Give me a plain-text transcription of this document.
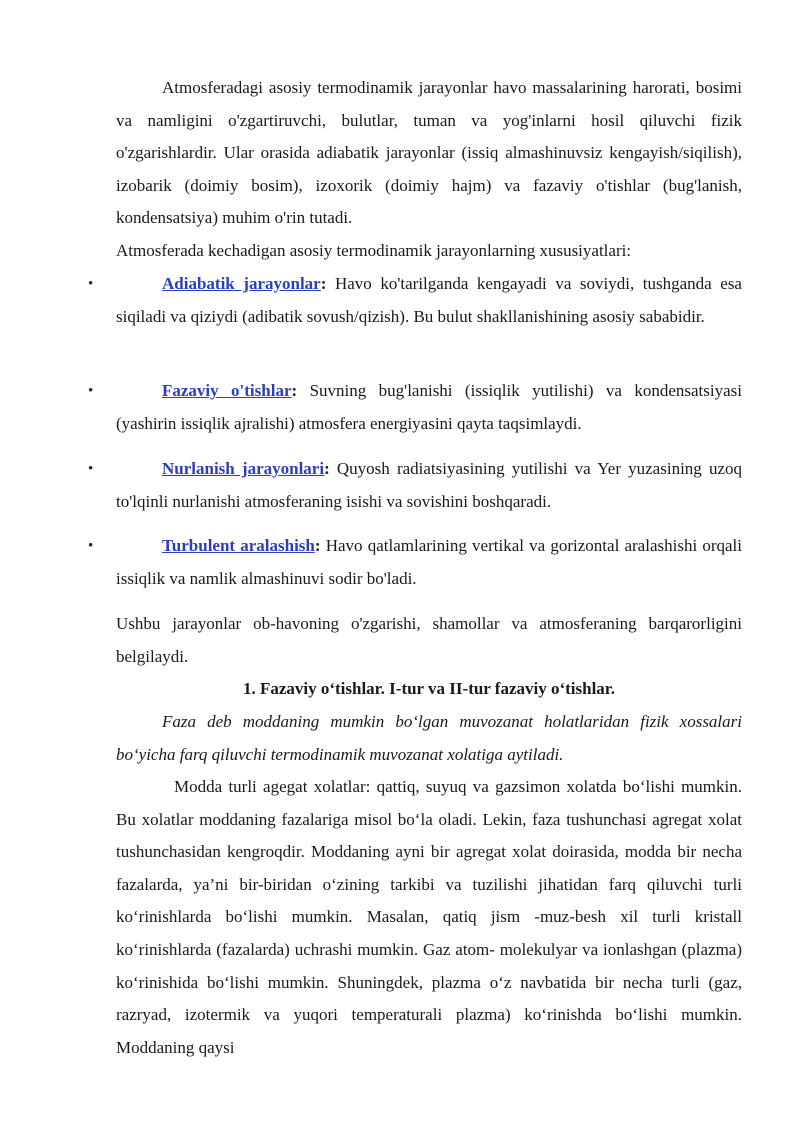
Atmosferadagi asosiy termodinamik jarayonlar havo massalarining harorati, bosimi va namligini o'zgartiruvchi, bulutlar, tuman va yog'inlarni hosil qiluvchi fizik o'zgarishlardir. Ular orasida adiabatik jarayonlar (issiq almashinuvsiz kengayish/siqilish), izobarik (doimiy bosim), izoxorik (doimiy hajm) va fazaviy o'tishlar (bug'lanish, kondensatsiya) muhim o'rin tutadi.

Atmosferada kechadigan asosiy termodinamik jarayonlarning xususiyatlari:

•	Adiabatik jarayonlar: Havo ko'tarilganda kengayadi va soviydi, tushganda esa siqiladi va qiziydi (adibatik sovush/qizish). Bu bulut shakllanishining asosiy sababidir.

•	Fazaviy o'tishlar: Suvning bug'lanishi (issiqlik yutilishi) va kondensatsiyasi (yashirin issiqlik ajralishi) atmosfera energiyasini qayta taqsimlaydi.

•	Nurlanish jarayonlari: Quyosh radiatsiyasining yutilishi va Yer yuzasining uzoq to'lqinli nurlanishi atmosferaning isishi va sovishini boshqaradi.

•	Turbulent aralashish: Havo qatlamlarining vertikal va gorizontal aralashishi orqali issiqlik va namlik almashinuvi sodir bo'ladi.

Ushbu jarayonlar ob-havoning o'zgarishi, shamollar va atmosferaning barqarorligini belgilaydi.

1. Fazaviy o‘tishlar. I-tur va II-tur fazaviy o‘tishlar.

Faza deb moddaning mumkin bo‘lgan muvozanat holatlaridan fizik xossalari bo‘yicha farq qiluvchi termodinamik muvozanat xolatiga aytiladi.

Modda turli agegat xolatlar: qattiq, suyuq va gazsimon xolatda bo‘lishi mumkin. Bu xolatlar moddaning fazalariga misol bo‘la oladi. Lekin, faza tushunchasi agregat xolat tushunchasidan kengroqdir. Moddaning ayni bir agregat xolat doirasida, modda bir necha fazalarda, ya’ni bir-biridan o‘zining tarkibi va tuzilishi jihatidan farq qiluvchi turli ko‘rinishlarda bo‘lishi mumkin. Masalan, qatiq jism -muz-besh xil turli kristall ko‘rinishlarda (fazalarda) uchrashi mumkin. Gaz atom- molekulyar va ionlashgan (plazma) ko‘rinishida bo‘lishi mumkin. Shuningdek, plazma o‘z navbatida bir necha turli (gaz, razryad, izotermik va yuqori temperaturali plazma) ko‘rinishda bo‘lishi mumkin. Moddaning qaysi
